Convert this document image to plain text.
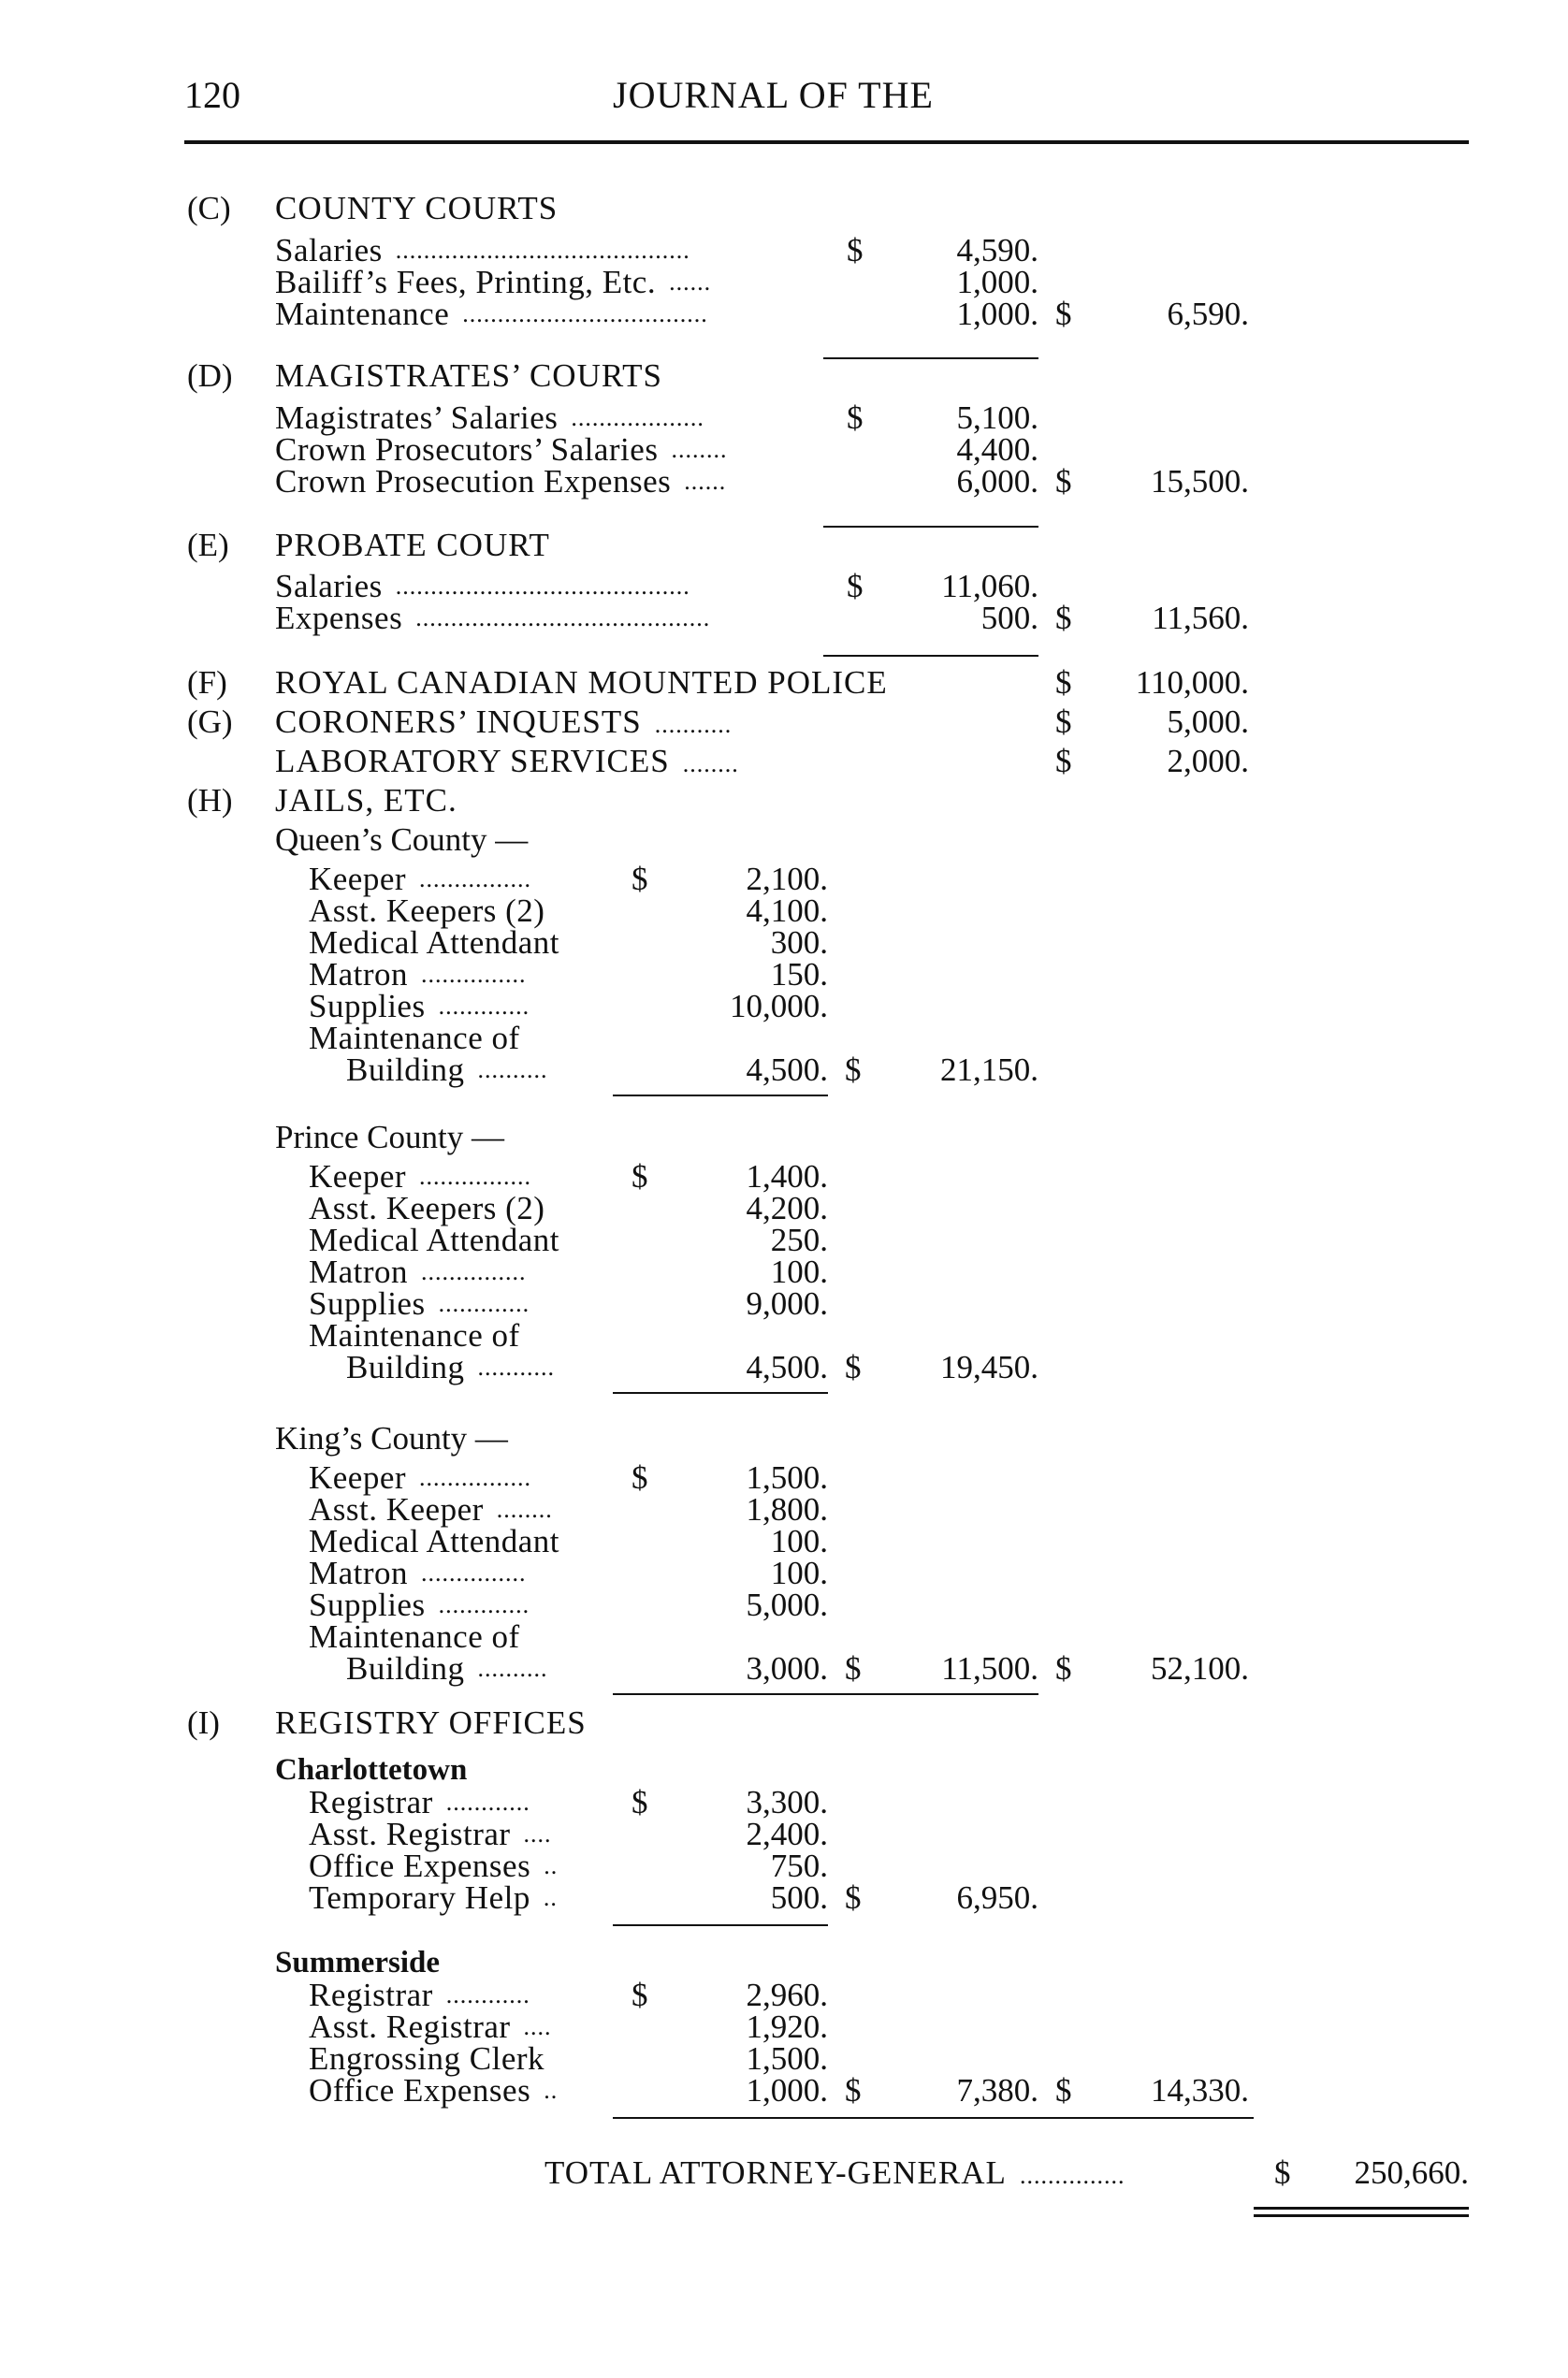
120	JOURNAL OF THE
(C) COUNTY COURTS
Salaries ..........................................	$	4,590.
Bailiff’s Fees, Printing, Etc. ......	1,000.
Maintenance ...................................	1,000. $	6,590.
(D) MAGISTRATES’ COURTS
Magistrates’ Salaries ...................	$	5,100.
Crown Prosecutors’ Salaries ........	4,400.
Crown Prosecution Expenses ......	6,000. $ 15,500.
(E) PROBATE COURT
Salaries ..........................................	$ 11,060.
Expenses ..........................................	500. $ 11,560.
(F) ROYAL CANADIAN MOUNTED POLICE	$ 110,000.
(G) CORONERS’ INQUESTS ...........	$	5,000.
LABORATORY SERVICES ........	$	2,000.
(H) JAILS, ETC.
Queen’s County —
Keeper ................	$	2,100.
Asst. Keepers (2)	4,100.
Medical Attendant	300.
Matron ...............	150.
Supplies .............	10,000.
Maintenance of
Building ..........	4,500. $ 21,150.
Prince County —
Keeper ................	$	1,400.
Asst. Keepers (2)	4,200.
Medical Attendant	250.
Matron ...............	100.
Supplies .............	9,000.
Maintenance of
Building ...........	4,500. $ 19,450.
King’s County —
Keeper ................	$	1,500.
Asst. Keeper ........	1,800.
Medical Attendant	100.
Matron ...............	100.
Supplies .............	5,000.
Maintenance of
Building ..........	3,000. $ 11,500. $ 52,100.
(I) REGISTRY OFFICES
Charlottetown
Registrar ............	$	3,300.
Asst. Registrar ....	2,400.
Office Expenses ..	750.
Temporary Help ..	500. $	6,950.
Summerside
Registrar ............	$	2,960.
Asst. Registrar ....	1,920.
Engrossing Clerk	1,500.
Office Expenses ..	1,000. $	7,380. $ 14,330.
TOTAL ATTORNEY-GENERAL ...............	$ 250,660.
